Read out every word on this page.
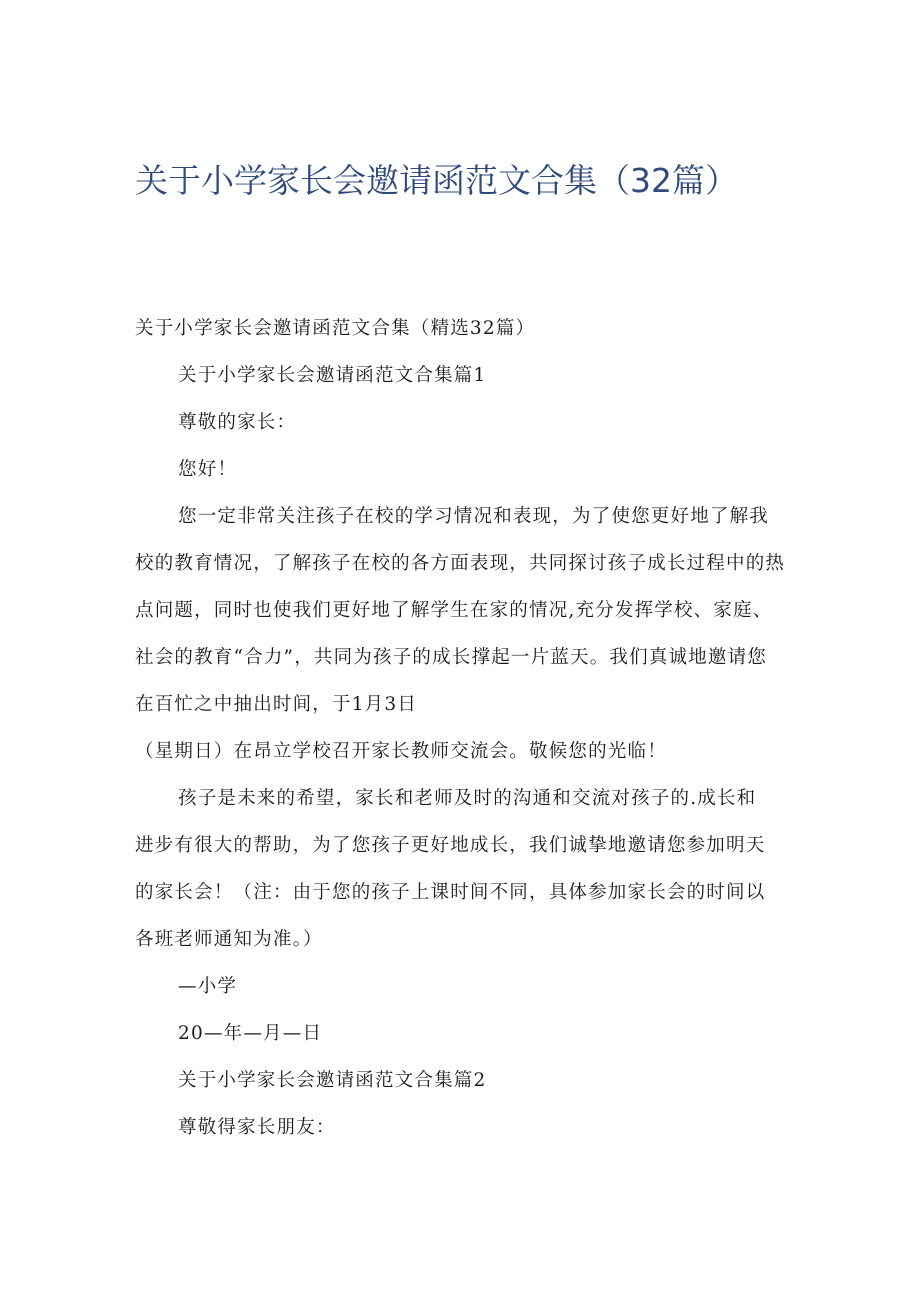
关于小学家长会邀请函范文合集（32篇）

关于小学家长会邀请函范文合集（精选32篇）

关于小学家长会邀请函范文合集篇1

尊敬的家长：

您好！

您一定非常关注孩子在校的学习情况和表现，为了使您更好地了解我

校的教育情况，了解孩子在校的各方面表现，共同探讨孩子成长过程中的热

点问题，同时也使我们更好地了解学生在家的情况,充分发挥学校、家庭、

社会的教育“合力”，共同为孩子的成长撑起一片蓝天。我们真诚地邀请您

在百忙之中抽出时间，于1月3日

（星期日）在昂立学校召开家长教师交流会。敬候您的光临！

孩子是未来的希望，家长和老师及时的沟通和交流对孩子的.成长和

进步有很大的帮助，为了您孩子更好地成长，我们诚挚地邀请您参加明天

的家长会！（注：由于您的孩子上课时间不同，具体参加家长会的时间以

各班老师通知为准。）

—小学

20—年—月—日

关于小学家长会邀请函范文合集篇2

尊敬得家长朋友：
